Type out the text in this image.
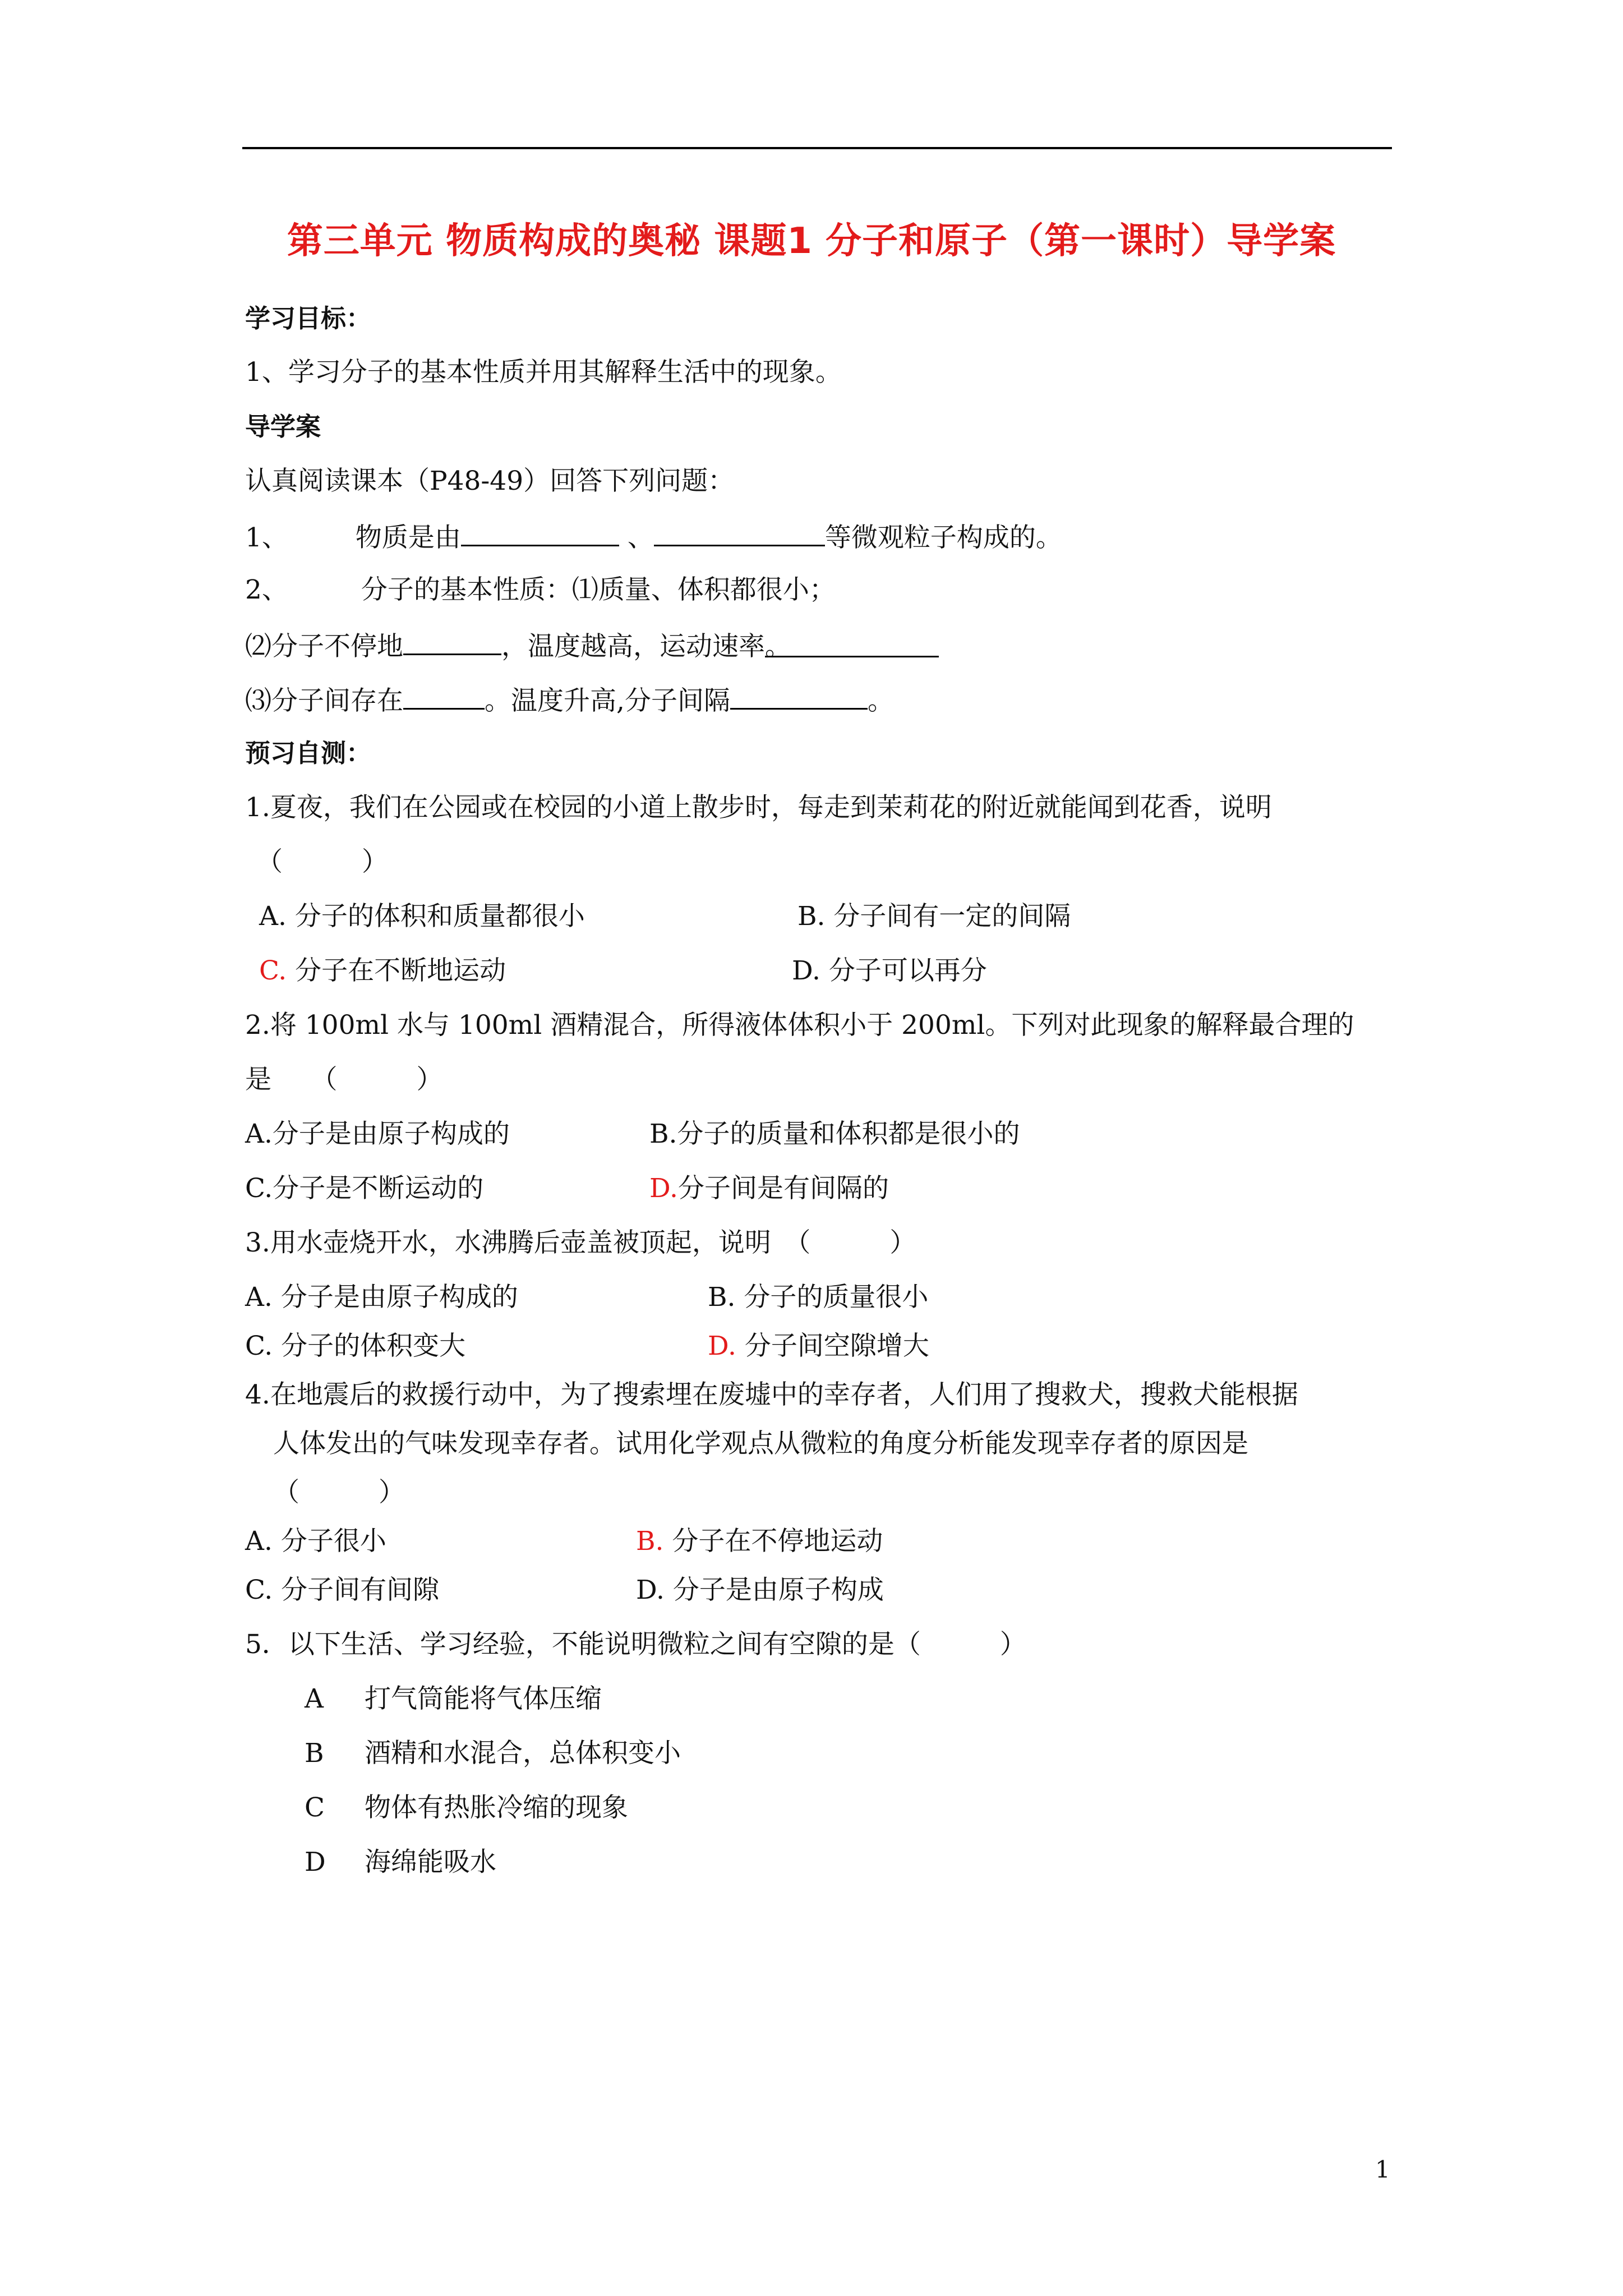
第三单元 物质构成的奥秘 课题1 分子和原子（第一课时）导学案
学习目标：
1、学习分子的基本性质并用其解释生活中的现象。
导学案
认真阅读课本（P48-49）回答下列问题：
1、	物质是由	、	等微观粒子构成的。
2、	分子的基本性质：⑴质量、体积都很小；
⑵分子不停地	，温度越高，运动速率。
⑶分子间存在	。温度升高,分子间隔	。
预习自测：
1.夏夜，我们在公园或在校园的小道上散步时，每走到茉莉花的附近就能闻到花香，说明
（　　　）
A. 分子的体积和质量都很小	B. 分子间有一定的间隔
C. 分子在不断地运动	D. 分子可以再分
2.将 100ml 水与 100ml 酒精混合，所得液体体积小于 200ml。下列对此现象的解释最合理的
是　　（　　　）
A.分子是由原子构成的	B.分子的质量和体积都是很小的
C.分子是不断运动的	D.分子间是有间隔的
3.用水壶烧开水，水沸腾后壶盖被顶起，说明　（　　　）
A. 分子是由原子构成的	B. 分子的质量很小
C. 分子的体积变大	D. 分子间空隙增大
4.在地震后的救援行动中，为了搜索埋在废墟中的幸存者，人们用了搜救犬，搜救犬能根据
人体发出的气味发现幸存者。试用化学观点从微粒的角度分析能发现幸存者的原因是
（　　　）
A. 分子很小	B. 分子在不停地运动
C. 分子间有间隙	D. 分子是由原子构成
5．以下生活、学习经验，不能说明微粒之间有空隙的是（　　　）
A 打气筒能将气体压缩
B 酒精和水混合，总体积变小
C 物体有热胀冷缩的现象
D 海绵能吸水
1
